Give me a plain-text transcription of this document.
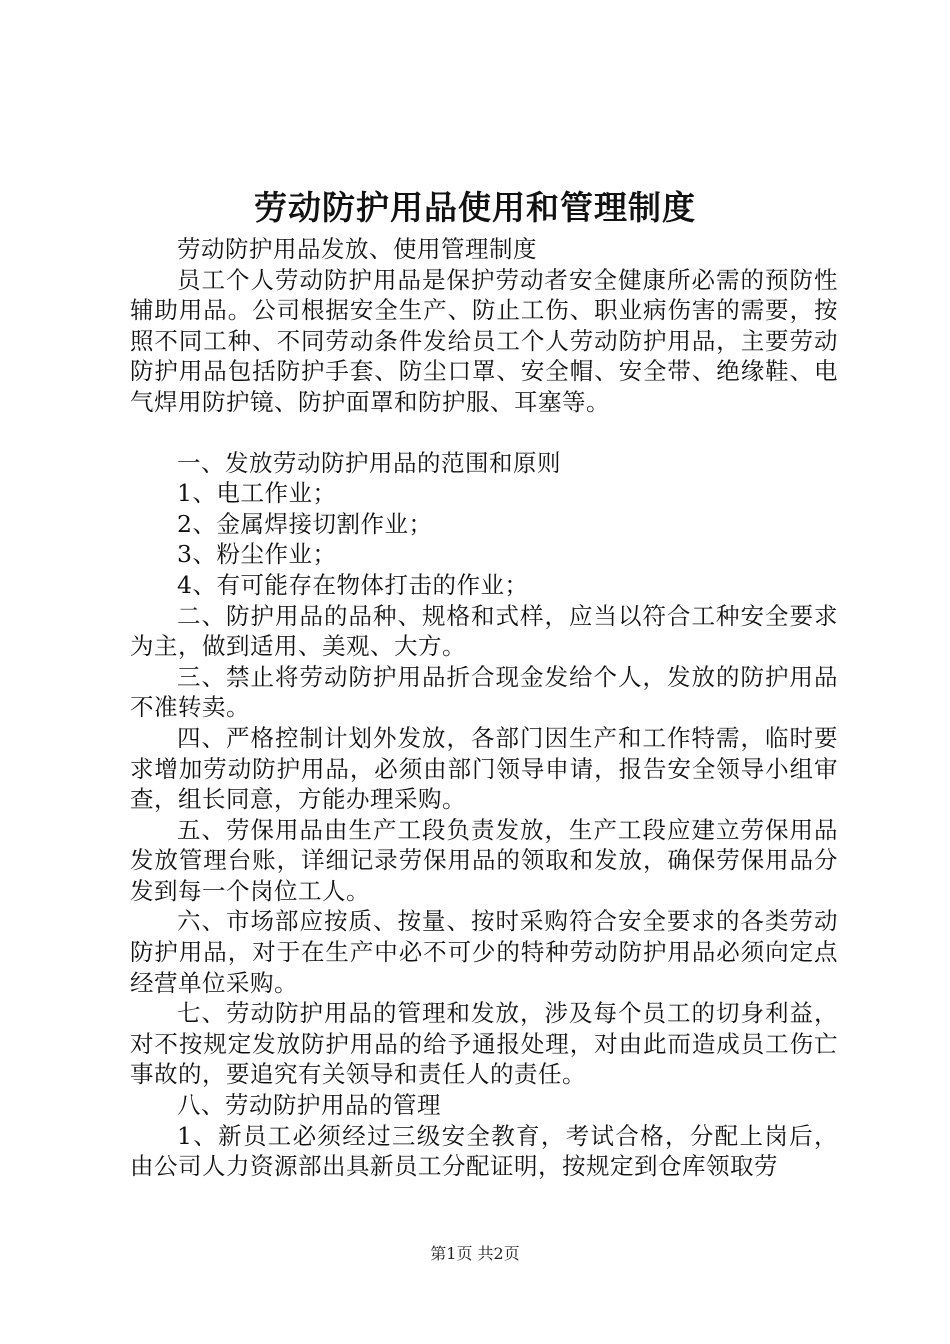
劳动防护用品使用和管理制度

劳动防护用品发放、使用管理制度

员工个人劳动防护用品是保护劳动者安全健康所必需的预防性辅助用品。公司根据安全生产、防止工伤、职业病伤害的需要，按照不同工种、不同劳动条件发给员工个人劳动防护用品，主要劳动防护用品包括防护手套、防尘口罩、安全帽、安全带、绝缘鞋、电气焊用防护镜、防护面罩和防护服、耳塞等。

一、发放劳动防护用品的范围和原则

1、电工作业；

2、金属焊接切割作业；

3、粉尘作业；

4、有可能存在物体打击的作业；

二、防护用品的品种、规格和式样，应当以符合工种安全要求为主，做到适用、美观、大方。

三、禁止将劳动防护用品折合现金发给个人，发放的防护用品不准转卖。

四、严格控制计划外发放，各部门因生产和工作特需，临时要求增加劳动防护用品，必须由部门领导申请，报告安全领导小组审查，组长同意，方能办理采购。

五、劳保用品由生产工段负责发放，生产工段应建立劳保用品发放管理台账，详细记录劳保用品的领取和发放，确保劳保用品分发到每一个岗位工人。

六、市场部应按质、按量、按时采购符合安全要求的各类劳动防护用品，对于在生产中必不可少的特种劳动防护用品必须向定点经营单位采购。

七、劳动防护用品的管理和发放，涉及每个员工的切身利益，对不按规定发放防护用品的给予通报处理，对由此而造成员工伤亡事故的，要追究有关领导和责任人的责任。

八、劳动防护用品的管理

1、新员工必须经过三级安全教育，考试合格，分配上岗后，由公司人力资源部出具新员工分配证明，按规定到仓库领取劳

第1页 共2页
